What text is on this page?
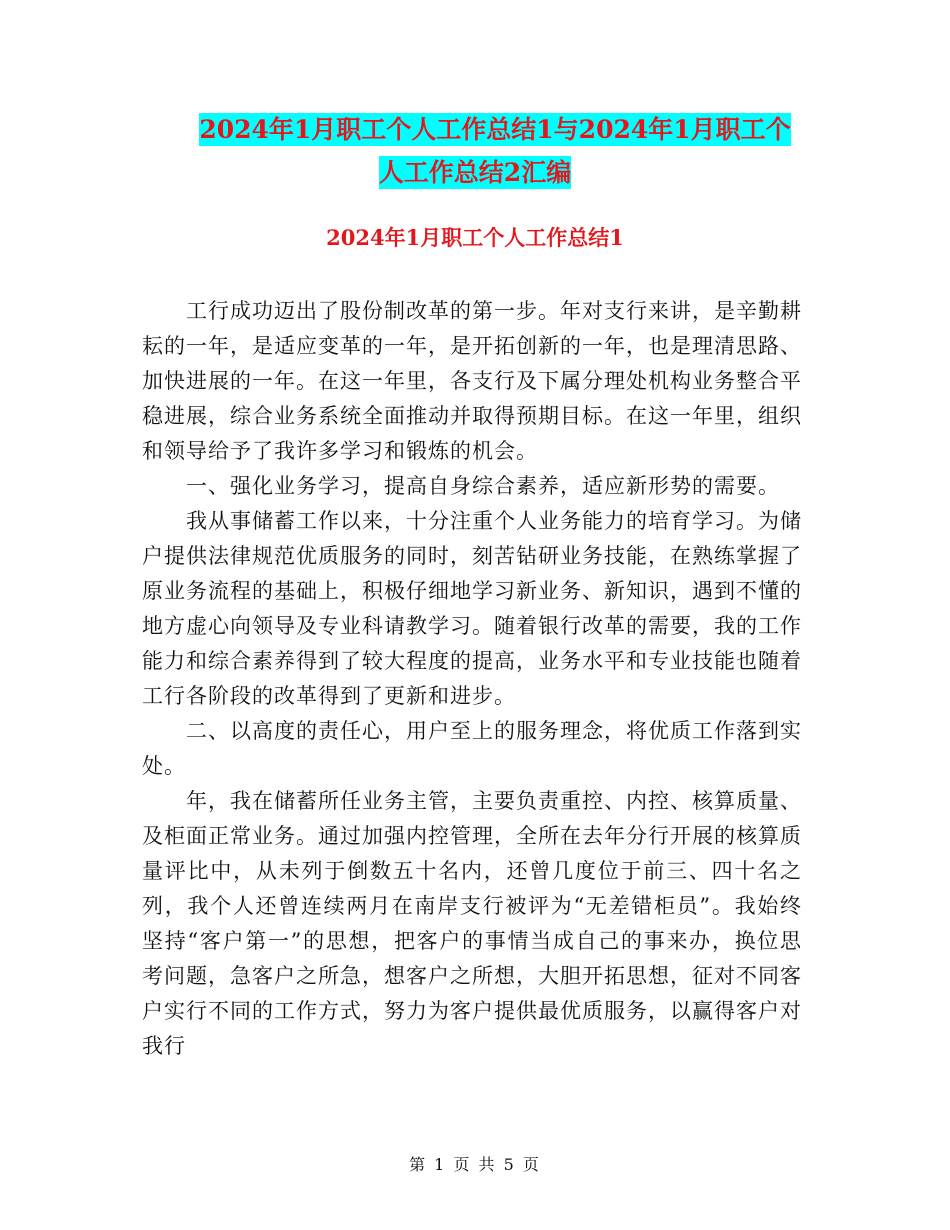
2024年1月职工个人工作总结1与2024年1月职工个
人工作总结2汇编
2024年1月职工个人工作总结1

工行成功迈出了股份制改革的第一步。年对支行来讲，是辛勤耕耘的一年，是适应变革的一年，是开拓创新的一年，也是理清思路、加快进展的一年。在这一年里，各支行及下属分理处机构业务整合平稳进展，综合业务系统全面推动并取得预期目标。在这一年里，组织和领导给予了我许多学习和锻炼的机会。

一、强化业务学习，提高自身综合素养，适应新形势的需要。

我从事储蓄工作以来，十分注重个人业务能力的培育学习。为储户提供法律规范优质服务的同时，刻苦钻研业务技能，在熟练掌握了原业务流程的基础上，积极仔细地学习新业务、新知识，遇到不懂的地方虚心向领导及专业科请教学习。随着银行改革的需要，我的工作能力和综合素养得到了较大程度的提高，业务水平和专业技能也随着工行各阶段的改革得到了更新和进步。

二、以高度的责任心，用户至上的服务理念，将优质工作落到实处。

年，我在储蓄所任业务主管，主要负责重控、内控、核算质量、及柜面正常业务。通过加强内控管理，全所在去年分行开展的核算质量评比中，从未列于倒数五十名内，还曾几度位于前三、四十名之列，我个人还曾连续两月在南岸支行被评为“无差错柜员”。我始终坚持“客户第一”的思想，把客户的事情当成自己的事来办，换位思考问题，急客户之所急，想客户之所想，大胆开拓思想，征对不同客户实行不同的工作方式，努力为客户提供最优质服务，以赢得客户对我行

第 1 页 共 5 页
